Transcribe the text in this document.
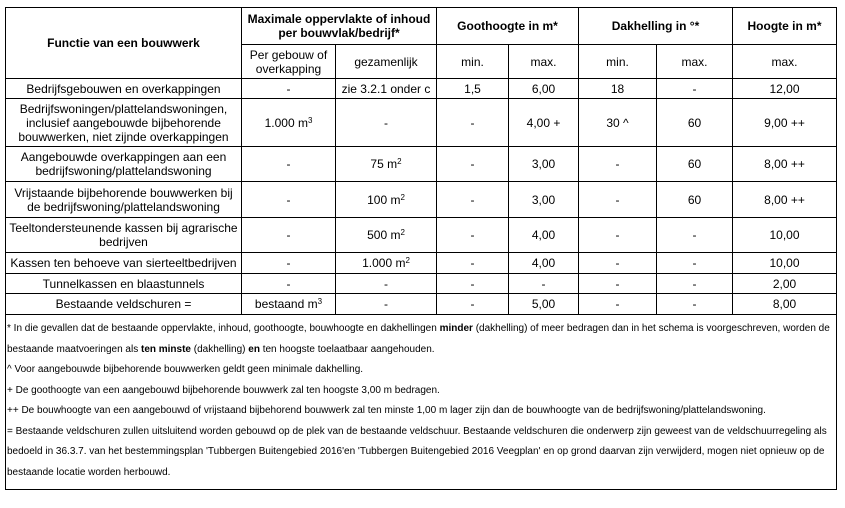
Functie van een bouwwerk	Maximale oppervlakte of inhoud per bouwvlak/bedrijf*		Goothoogte in m*		Dakhelling in °*		Hoogte in m*
	Per gebouw of overkapping	gezamenlijk	min.	max.	min.	max.	max.
Bedrijfsgebouwen en overkappingen	-	zie 3.2.1 onder c	1,5	6,00	18	-	12,00
Bedrijfswoningen/plattelandswoningen, inclusief aangebouwde bijbehorende bouwwerken, niet zijnde overkappingen	1.000 $m^3$	-	-	4,00 +	30 ^	60	9,00 ++
Aangebouwde overkappingen aan een bedrijfswoning/plattelandswoning	-	75 $m^2$	-	3,00	-	60	8,00 ++
Vrijstaande bijbehorende bouwwerken bij de bedrijfswoning/plattelandswoning	-	100 $m^2$	-	3,00	-	60	8,00 ++
Teeltondersteunende kassen bij agrarische bedrijven	-	500 $m^2$	-	4,00	-	-	10,00
Kassen ten behoeve van sierteeltbedrijven	-	1.000 $m^2$	-	4,00	-	-	10,00
Tunnelkassen en blaastunnels	-	-	-	-	-	-	2,00
Bestaande veldschuren =	bestaand $m^3$	-	-	5,00	-	-	8,00

* In die gevallen dat de bestaande oppervlakte, inhoud, goothoogte, bouwhoogte en dakhellingen minder (dakhelling) of meer bedragen dan in het schema is voorgeschreven, worden de bestaande maatvoeringen als ten minste (dakhelling) en ten hoogste toelaatbaar aangehouden.

^ Voor aangebouwde bijbehorende bouwwerken geldt geen minimale dakhelling.

+ De goothoogte van een aangebouwd bijbehorende bouwwerk zal ten hoogste 3,00 m bedragen.

++ De bouwhoogte van een aangebouwd of vrijstaand bijbehorend bouwwerk zal ten minste 1,00 m lager zijn dan de bouwhoogte van de bedrijfswoning/plattelandswoning.

= Bestaande veldschuren zullen uitsluitend worden gebouwd op de plek van de bestaande veldschuur. Bestaande veldschuren die onderwerp zijn geweest van de veldschuurregeling als bedoeld in 36.3.7. van het bestemmingsplan 'Tubbergen Buitengebied 2016'en 'Tubbergen Buitengebied 2016 Veegplan' en op grond daarvan zijn verwijderd, mogen niet opnieuw op de bestaande locatie worden herbouwd.
